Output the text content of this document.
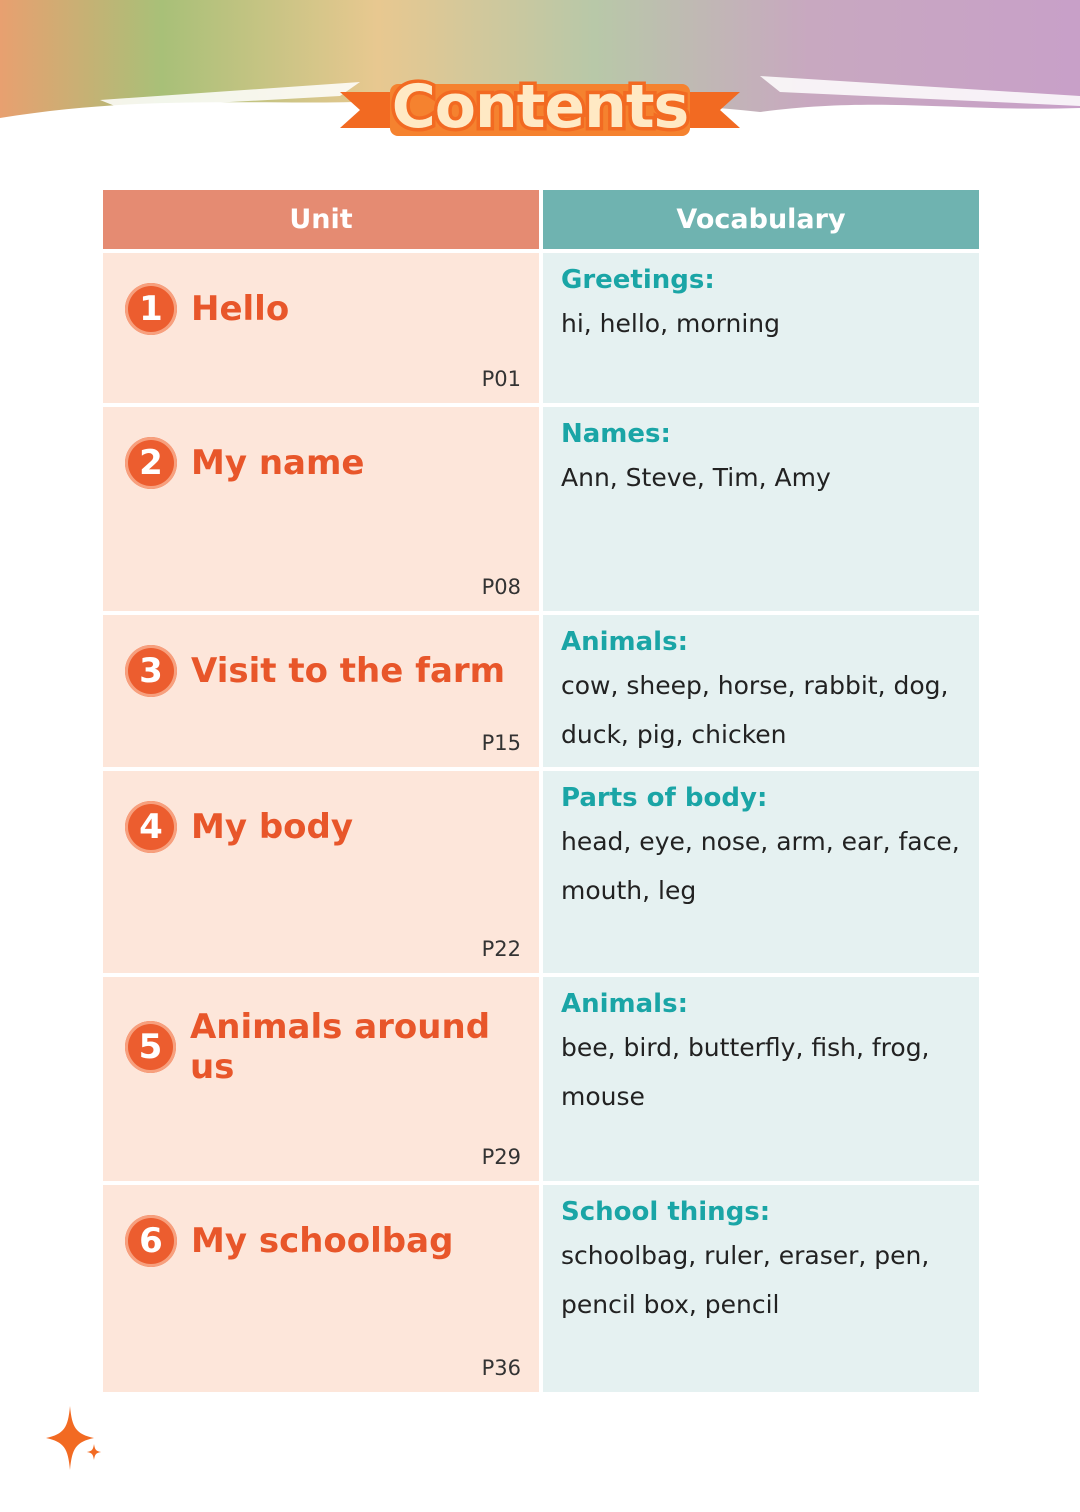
Contents
Unit	Vocabulary
1 Hello
P01
Greetings:
hi, hello, morning
2 My name
P08
Names:
Ann, Steve, Tim, Amy
3 Visit to the farm
P15
Animals:
cow, sheep, horse, rabbit, dog, duck, pig, chicken
4 My body
P22
Parts of body:
head, eye, nose, arm, ear, face, mouth, leg
5 Animals around us
P29
Animals:
bee, bird, butterfly, fish, frog, mouse
6 My schoolbag
P36
School things:
schoolbag, ruler, eraser, pen, pencil box, pencil
